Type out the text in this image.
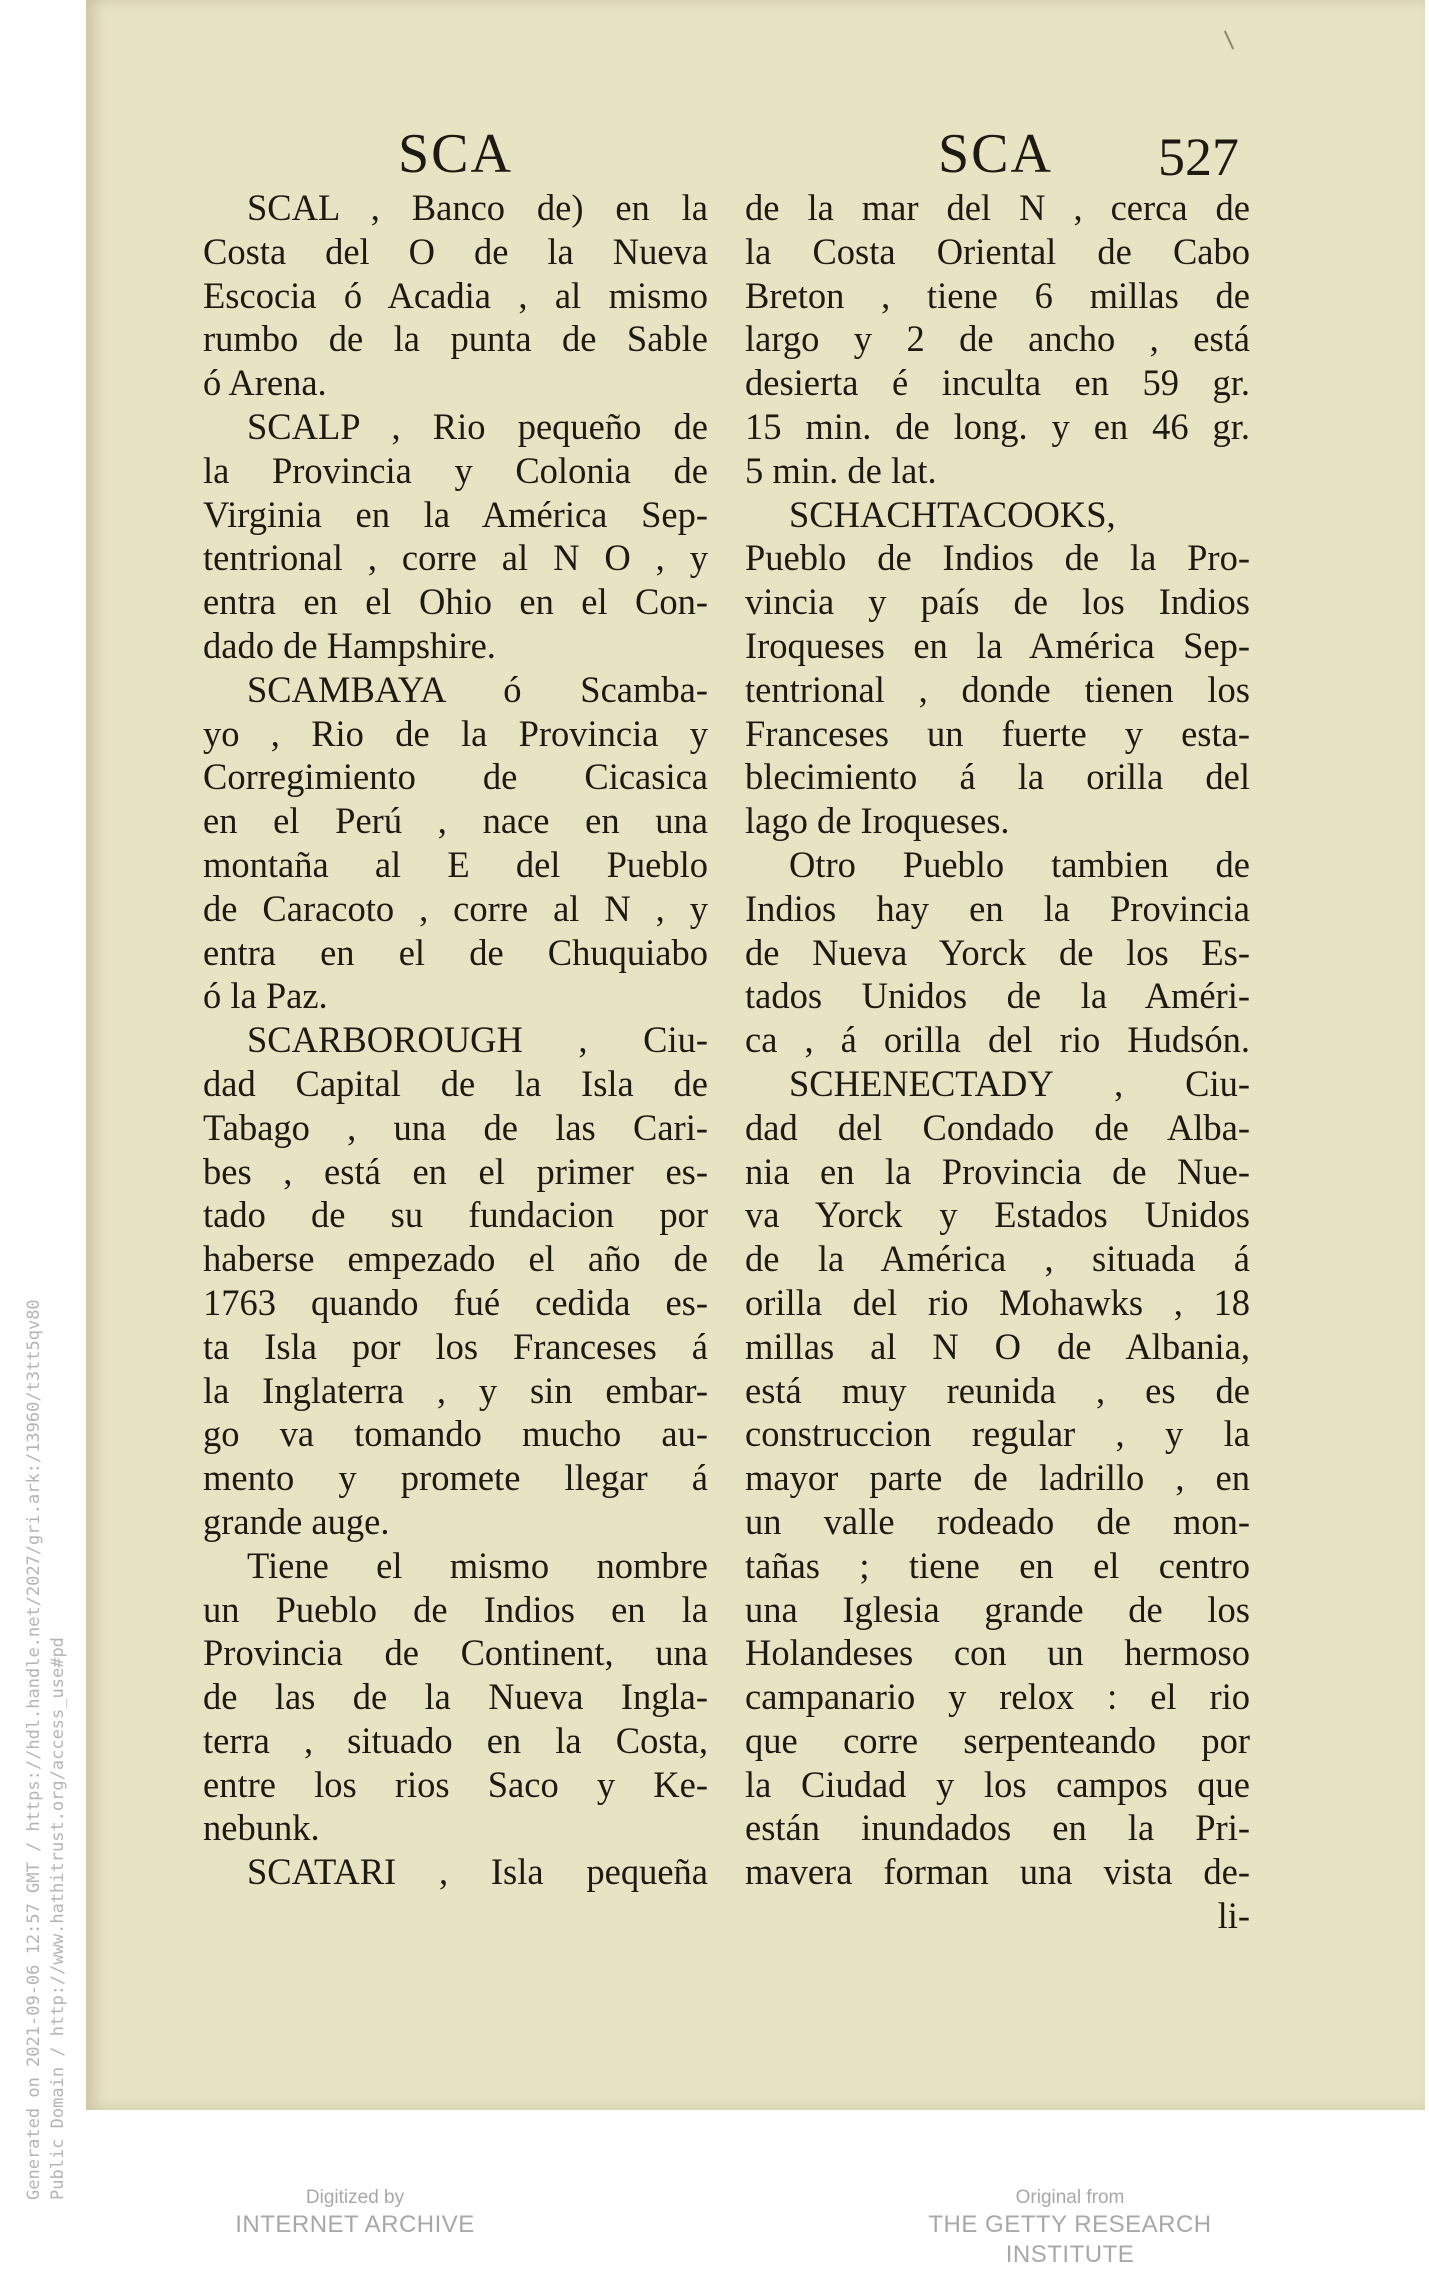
SCA	SCA 527
SCAL , Banco de) en la
Costa del O de la Nueva
Escocia ó Acadia , al mismo
rumbo de la punta de Sable
ó Arena.
SCALP , Rio pequeño de
la Provincia y Colonia de
Virginia en la América Sep-
tentrional , corre al N O , y
entra en el Ohio en el Con-
dado de Hampshire.
SCAMBAYA ó Scamba-
yo , Rio de la Provincia y
Corregimiento de Cicasica
en el Perú , nace en una
montaña al E del Pueblo
de Caracoto , corre al N , y
entra en el de Chuquiabo
ó la Paz.
SCARBOROUGH , Ciu-
dad Capital de la Isla de
Tabago , una de las Cari-
bes , está en el primer es-
tado de su fundacion por
haberse empezado el año de
1763 quando fué cedida es-
ta Isla por los Franceses á
la Inglaterra , y sin embar-
go va tomando mucho au-
mento y promete llegar á
grande auge.
Tiene el mismo nombre
un Pueblo de Indios en la
Provincia de Continent, una
de las de la Nueva Ingla-
terra , situado en la Costa,
entre los rios Saco y Ke-
nebunk.
SCATARI , Isla pequeña
de la mar del N , cerca de
la Costa Oriental de Cabo
Breton , tiene 6 millas de
largo y 2 de ancho , está
desierta é inculta en 59 gr.
15 min. de long. y en 46 gr.
5 min. de lat.
SCHACHTACOOKS,
Pueblo de Indios de la Pro-
vincia y país de los Indios
Iroqueses en la América Sep-
tentrional , donde tienen los
Franceses un fuerte y esta-
blecimiento á la orilla del
lago de Iroqueses.
Otro Pueblo tambien de
Indios hay en la Provincia
de Nueva Yorck de los Es-
tados Unidos de la Améri-
ca , á orilla del rio Hudsón.
SCHENECTADY , Ciu-
dad del Condado de Alba-
nia en la Provincia de Nue-
va Yorck y Estados Unidos
de la América , situada á
orilla del rio Mohawks , 18
millas al N O de Albania,
está muy reunida , es de
construccion regular , y la
mayor parte de ladrillo , en
un valle rodeado de mon-
tañas ; tiene en el centro
una Iglesia grande de los
Holandeses con un hermoso
campanario y relox : el rio
que corre serpenteando por
la Ciudad y los campos que
están inundados en la Pri-
mavera forman una vista de-
li-
Generated on 2021-09-06 12:57 GMT / https://hdl.handle.net/2027/gri.ark:/13960/t3tt5qv80 Public Domain / http://www.hathitrust.org/access_use#pd	Digitized by
INTERNET ARCHIVE
Original from
THE GETTY RESEARCH INSTITUTE
